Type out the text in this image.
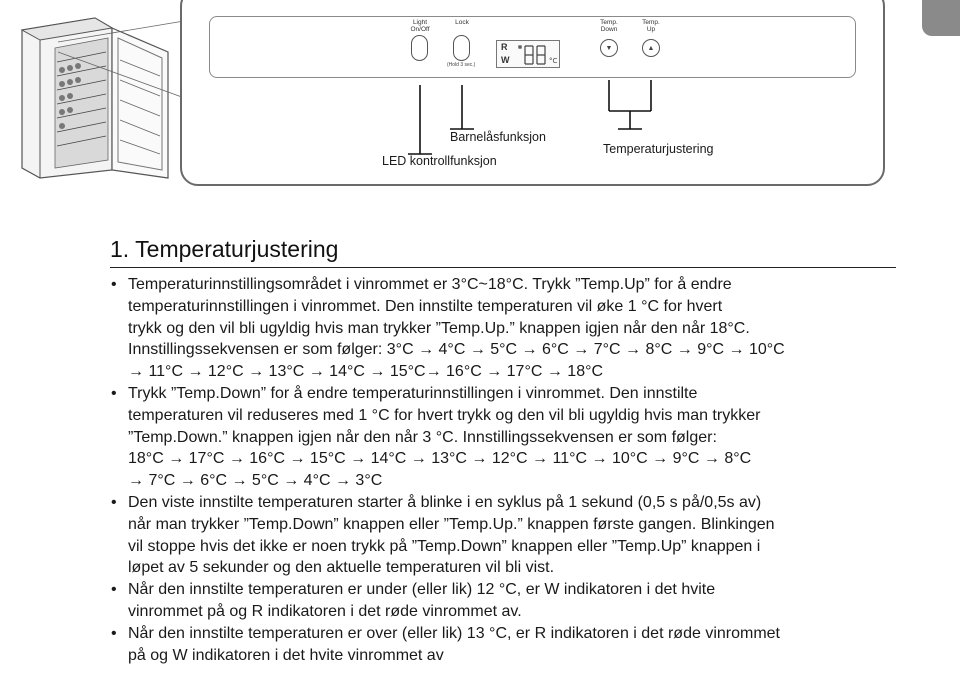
Light
On/Off
Lock
(Hold 3 sec.)
Temp.
Down
▼
Temp.
Up
▲
R
W	°C
Barnelåsfunksjon
LED kontrollfunksjon
Temperaturjustering
1. Temperaturjustering
• Temperaturinnstillingsområdet i vinrommet er 3°C~18°C. Trykk ”Temp.Up” for å endre
temperaturinnstillingen i vinrommet. Den innstilte temperaturen vil øke 1 °C for hvert
trykk og den vil bli ugyldig hvis man trykker ”Temp.Up.” knappen igjen når den når 18°C.
Innstillingssekvensen er som følger: 3°C → 4°C → 5°C → 6°C → 7°C → 8°C → 9°C → 10°C
→ 11°C → 12°C → 13°C → 14°C → 15°C→ 16°C → 17°C → 18°C
• Trykk ”Temp.Down” for å endre temperaturinnstillingen i vinrommet. Den innstilte
temperaturen vil reduseres med 1 °C for hvert trykk og den vil bli ugyldig hvis man trykker
”Temp.Down.” knappen igjen når den når 3 °C. Innstillingssekvensen er som følger:
18°C → 17°C → 16°C → 15°C → 14°C → 13°C → 12°C → 11°C → 10°C → 9°C → 8°C
→ 7°C → 6°C → 5°C → 4°C → 3°C
• Den viste innstilte temperaturen starter å blinke i en syklus på 1 sekund (0,5 s på/0,5s av)
når man trykker ”Temp.Down” knappen eller ”Temp.Up.” knappen første gangen. Blinkingen
vil stoppe hvis det ikke er noen trykk på ”Temp.Down” knappen eller ”Temp.Up” knappen i
løpet av 5 sekunder og den aktuelle temperaturen vil bli vist.
• Når den innstilte temperaturen er under (eller lik) 12 °C, er W indikatoren i det hvite
vinrommet på og R indikatoren i det røde vinrommet av.
• Når den innstilte temperaturen er over (eller lik) 13 °C, er R indikatoren i det røde vinrommet
på og W indikatoren i det hvite vinrommet av
